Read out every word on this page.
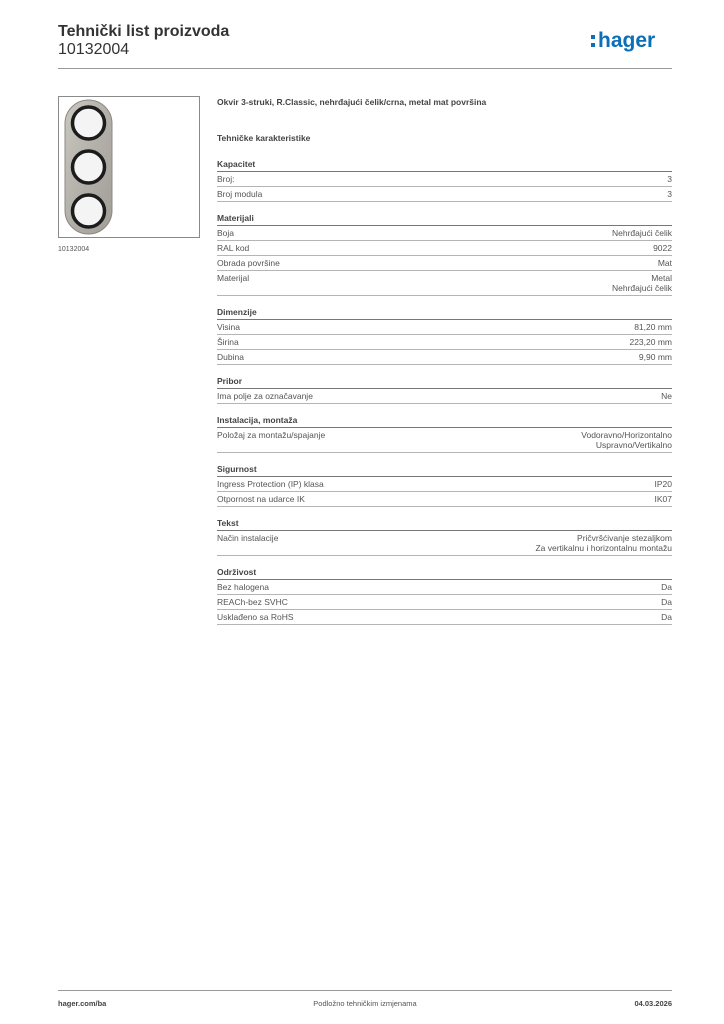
Tehnički list proizvoda
10132004	hager
10132004
Okvir 3-struki, R.Classic, nehrđajući čelik/crna, metal mat površina
Tehničke karakteristike
Kapacitet
Broj:	3
Broj modula	3
Materijali
Boja	Nehrđajući čelik
RAL kod	9022
Obrada površine	Mat
Materijal	Metal
Nehrđajući čelik
Dimenzije
Visina	81,20 mm
Širina	223,20 mm
Dubina	9,90 mm
Pribor
Ima polje za označavanje	Ne
Instalacija, montaža
Položaj za montažu/spajanje	Vodoravno/Horizontalno
Uspravno/Vertikalno
Sigurnost
Ingress Protection (IP) klasa	IP20
Otpornost na udarce IK	IK07
Tekst
Način instalacije	Pričvršćivanje stezaljkom
Za vertikalnu i horizontalnu montažu
Održivost
Bez halogena	Da
REACh-bez SVHC	Da
Usklađeno sa RoHS	Da
hager.com/ba	Podložno tehničkim izmjenama	04.03.2026
